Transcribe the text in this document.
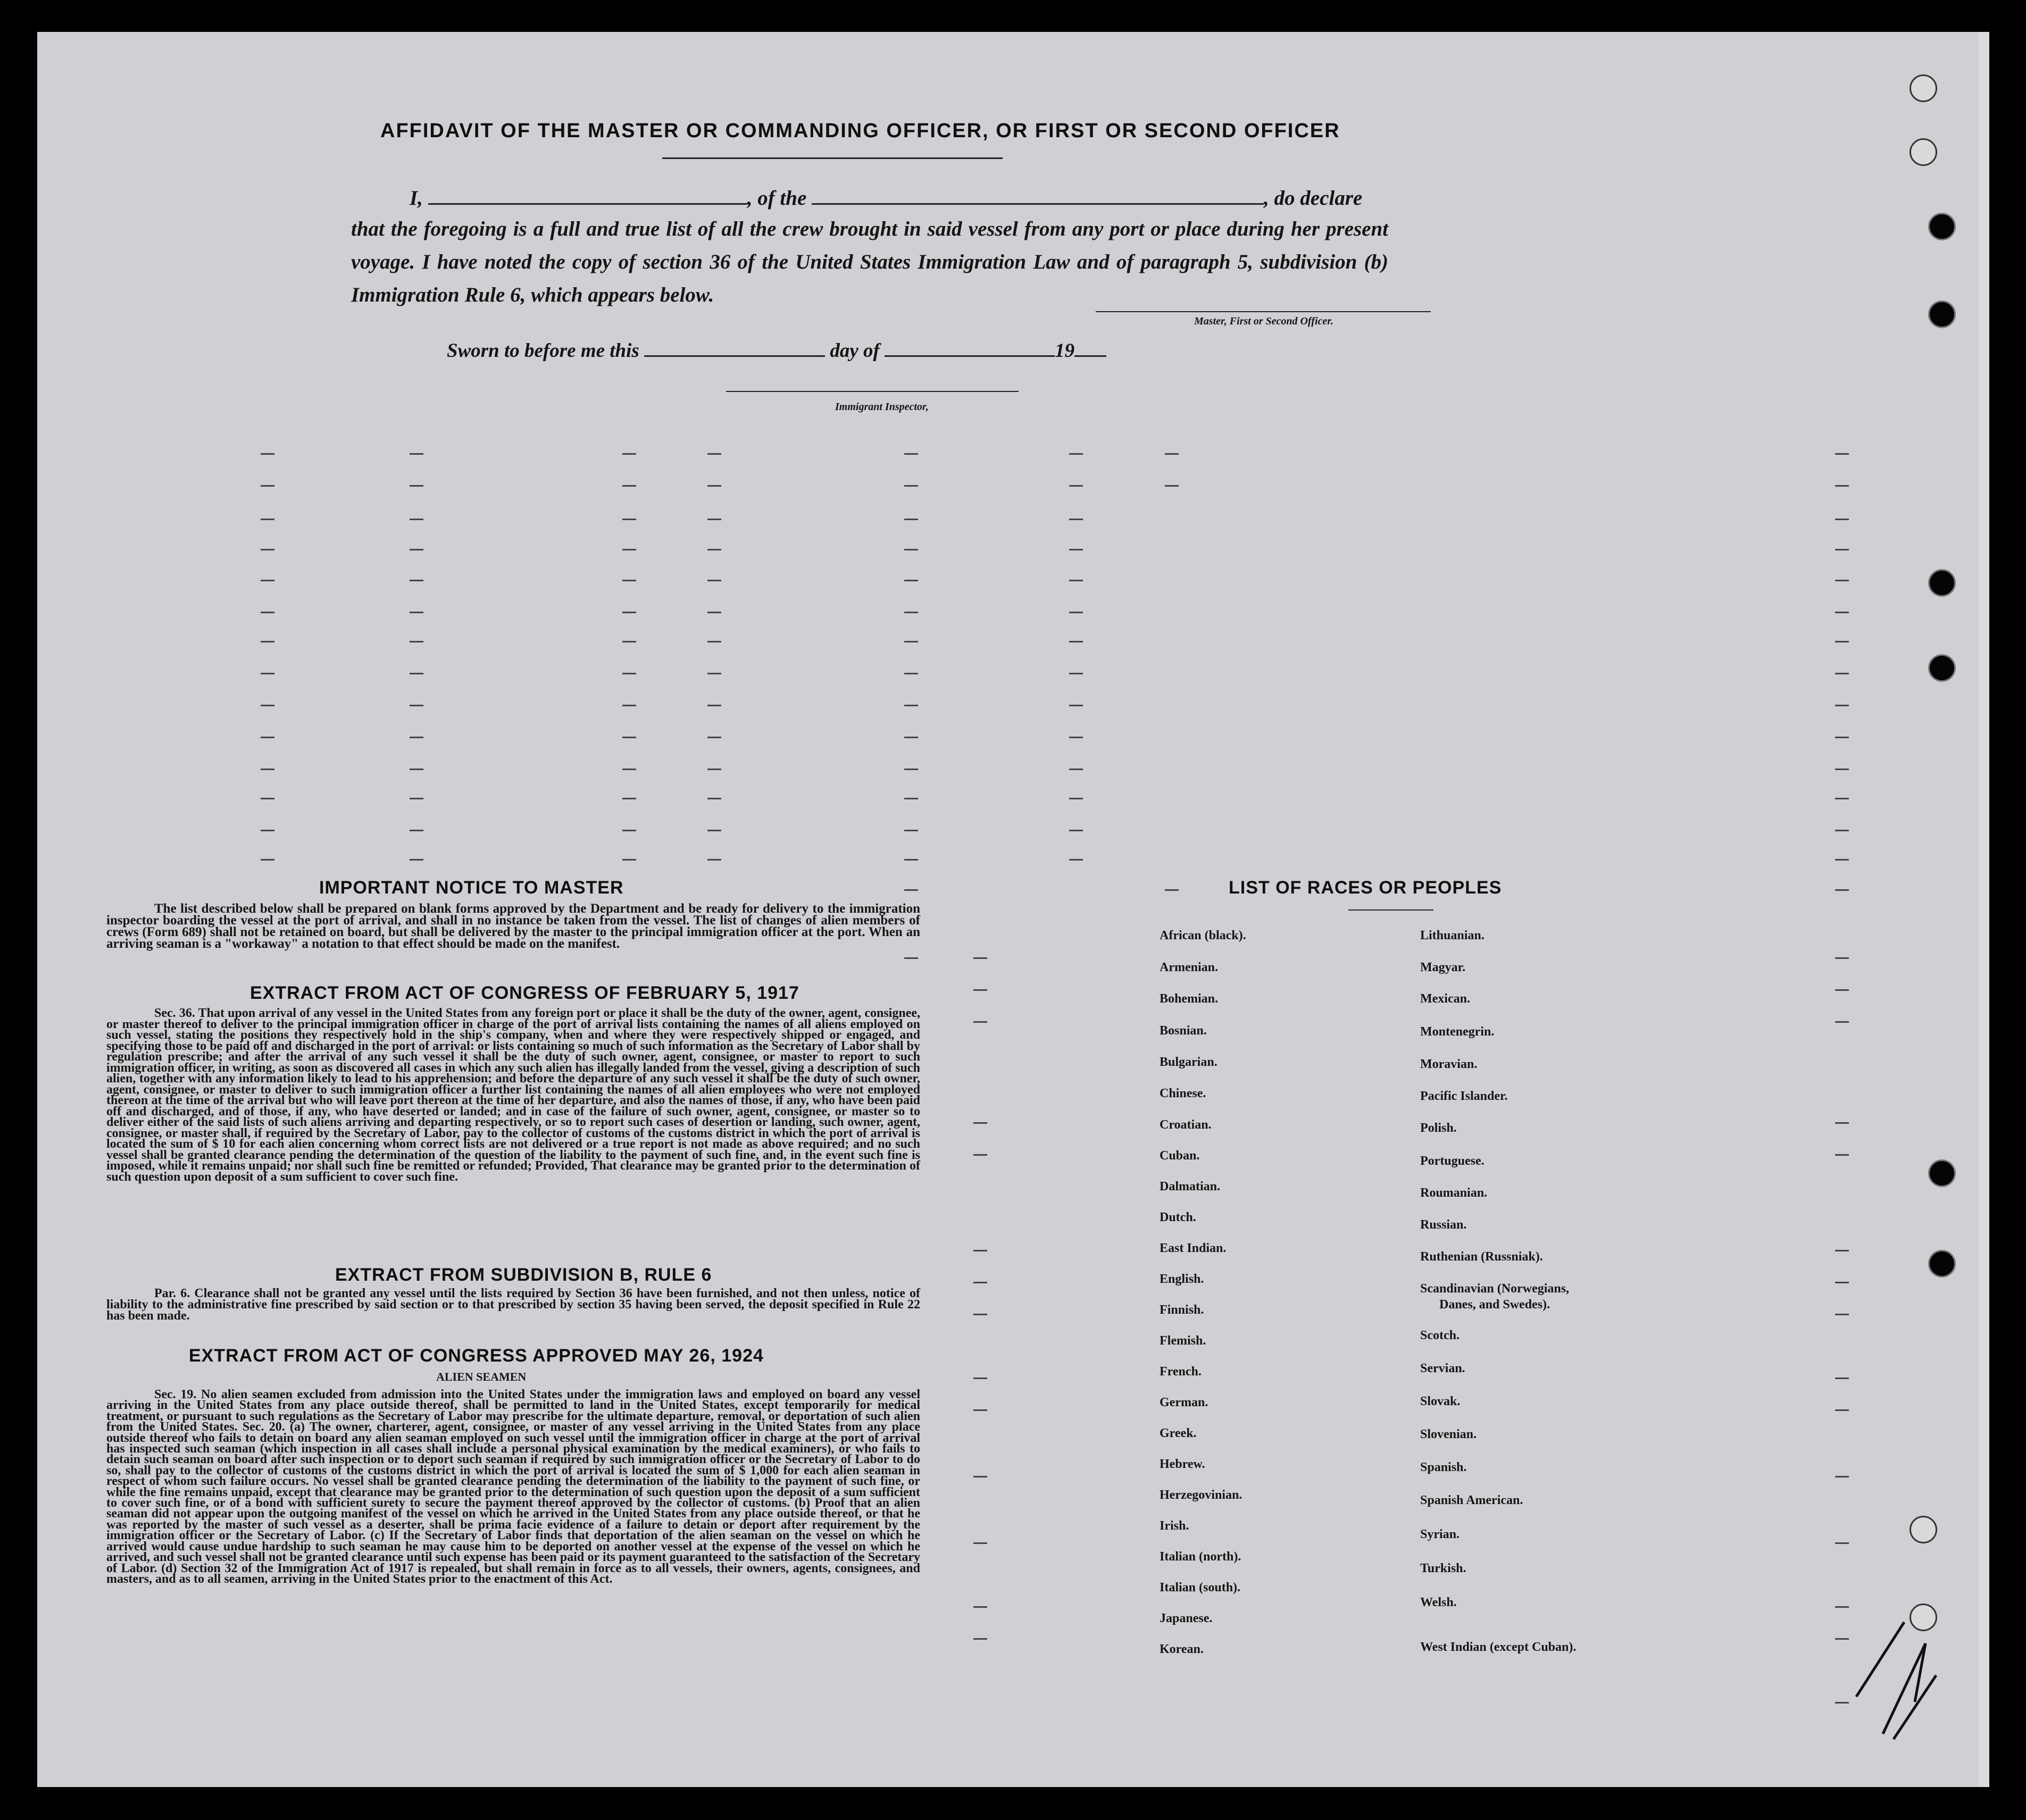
AFFIDAVIT OF THE MASTER OR COMMANDING OFFICER, OR FIRST OR SECOND OFFICER
I,	, of the	, do declare
that the foregoing is a full and true list of all the crew brought in said vessel from any port or place during her present voyage. I have noted the copy of section 36 of the United States Immigration Law and of paragraph 5, subdivision (b) Immigration Rule 6, which appears below.
Master, First or Second Officer.
Sworn to before me this	day of	19
Immigrant Inspector,
IMPORTANT NOTICE TO MASTER
The list described below shall be prepared on blank forms approved by the Department and be ready for delivery to the immigration inspector boarding the vessel at the port of arrival, and shall in no instance be taken from the vessel. The list of changes of alien members of crews (Form 689) shall not be retained on board, but shall be delivered by the master to the principal immigration officer at the port. When an arriving seaman is a "workaway" a notation to that effect should be made on the manifest.
EXTRACT FROM ACT OF CONGRESS OF FEBRUARY 5, 1917
Sec. 36. That upon arrival of any vessel in the United States from any foreign port or place it shall be the duty of the owner, agent, consignee, or master thereof to deliver to the principal immigration officer in charge of the port of arrival lists containing the names of all aliens employed on such vessel, stating the positions they respectively hold in the ship's company, when and where they were respectively shipped or engaged, and specifying those to be paid off and discharged in the port of arrival: or lists containing so much of such information as the Secretary of Labor shall by regulation prescribe; and after the arrival of any such vessel it shall be the duty of such owner, agent, consignee, or master to report to such immigration officer, in writing, as soon as discovered all cases in which any such alien has illegally landed from the vessel, giving a description of such alien, together with any information likely to lead to his apprehension; and before the departure of any such vessel it shall be the duty of such owner, agent, consignee, or master to deliver to such immigration officer a further list containing the names of all alien employees who were not employed thereon at the time of the arrival but who will leave port thereon at the time of her departure, and also the names of those, if any, who have been paid off and discharged, and of those, if any, who have deserted or landed; and in case of the failure of such owner, agent, consignee, or master so to deliver either of the said lists of such aliens arriving and departing respectively, or so to report such cases of desertion or landing, such owner, agent, consignee, or master shall, if required by the Secretary of Labor, pay to the collector of customs of the customs district in which the port of arrival is located the sum of $ 10 for each alien concerning whom correct lists are not delivered or a true report is not made as above required; and no such vessel shall be granted clearance pending the determination of the question of the liability to the payment of such fine, and, in the event such fine is imposed, while it remains unpaid; nor shall such fine be remitted or refunded; Provided, That clearance may be granted prior to the determination of such question upon deposit of a sum sufficient to cover such fine.
EXTRACT FROM SUBDIVISION B, RULE 6
Par. 6. Clearance shall not be granted any vessel until the lists required by Section 36 have been furnished, and not then unless, notice of liability to the administrative fine prescribed by said section or to that prescribed by section 35 having been served, the deposit specified in Rule 22 has been made.
EXTRACT FROM ACT OF CONGRESS APPROVED MAY 26, 1924
ALIEN SEAMEN
Sec. 19. No alien seamen excluded from admission into the United States under the immigration laws and employed on board any vessel arriving in the United States from any place outside thereof, shall be permitted to land in the United States, except temporarily for medical treatment, or pursuant to such regulations as the Secretary of Labor may prescribe for the ultimate departure, removal, or deportation of such alien from the United States. Sec. 20. (a) The owner, charterer, agent, consignee, or master of any vessel arriving in the United States from any place outside thereof who fails to detain on board any alien seaman employed on such vessel until the immigration officer in charge at the port of arrival has inspected such seaman (which inspection in all cases shall include a personal physical examination by the medical examiners), or who fails to detain such seaman on board after such inspection or to deport such seaman if required by such immigration officer or the Secretary of Labor to do so, shall pay to the collector of customs of the customs district in which the port of arrival is located the sum of $ 1,000 for each alien seaman in respect of whom such failure occurs. No vessel shall be granted clearance pending the determination of the liability to the payment of such fine, or while the fine remains unpaid, except that clearance may be granted prior to the determination of such question upon the deposit of a sum sufficient to cover such fine, or of a bond with sufficient surety to secure the payment thereof approved by the collector of customs. (b) Proof that an alien seaman did not appear upon the outgoing manifest of the vessel on which he arrived in the United States from any place outside thereof, or that he was reported by the master of such vessel as a deserter, shall be prima facie evidence of a failure to detain or deport after requirement by the immigration officer or the Secretary of Labor. (c) If the Secretary of Labor finds that deportation of the alien seaman on the vessel on which he arrived would cause undue hardship to such seaman he may cause him to be deported on another vessel at the expense of the vessel on which he arrived, and such vessel shall not be granted clearance until such expense has been paid or its payment guaranteed to the satisfaction of the Secretary of Labor. (d) Section 32 of the Immigration Act of 1917 is repealed, but shall remain in force as to all vessels, their owners, agents, consignees, and masters, and as to all seamen, arriving in the United States prior to the enactment of this Act.
LIST OF RACES OR PEOPLES
African (black).
Armenian.
Bohemian.
Bosnian.
Bulgarian.
Chinese.
Croatian.
Cuban.
Dalmatian.
Dutch.
East Indian.
English.
Finnish.
Flemish.
French.
German.
Greek.
Hebrew.
Herzegovinian.
Irish.
Italian (north).
Italian (south).
Japanese.
Korean.
Lithuanian.
Magyar.
Mexican.
Montenegrin.
Moravian.
Pacific Islander.
Polish.
Portuguese.
Roumanian.
Russian.
Ruthenian (Russniak).
Scandinavian (Norwegians,
Danes, and Swedes).
Scotch.
Servian.
Slovak.
Slovenian.
Spanish.
Spanish American.
Syrian.
Turkish.
Welsh.
West Indian (except Cuban).
